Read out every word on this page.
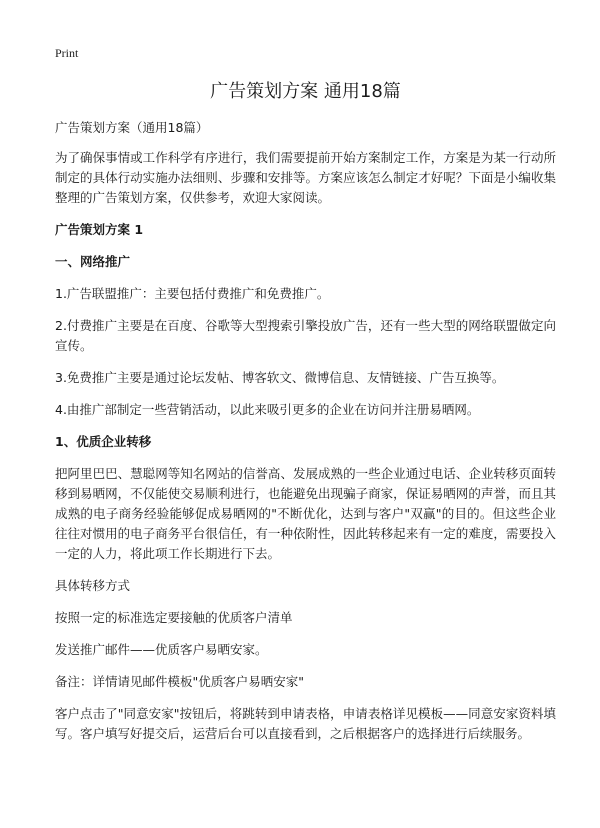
Print
广告策划方案 通用18篇

广告策划方案（通用18篇）

为了确保事情或工作科学有序进行，我们需要提前开始方案制定工作，方案是为某一行动所制定的具体行动实施办法细则、步骤和安排等。方案应该怎么制定才好呢？下面是小编收集整理的广告策划方案，仅供参考，欢迎大家阅读。

广告策划方案 1
一、网络推广

1.广告联盟推广：主要包括付费推广和免费推广。

2.付费推广主要是在百度、谷歌等大型搜索引擎投放广告，还有一些大型的网络联盟做定向宣传。

3.免费推广主要是通过论坛发帖、博客软文、微博信息、友情链接、广告互换等。

4.由推广部制定一些营销活动，以此来吸引更多的企业在访问并注册易晒网。

1、优质企业转移

把阿里巴巴、慧聪网等知名网站的信誉高、发展成熟的一些企业通过电话、企业转移页面转移到易晒网，不仅能使交易顺利进行，也能避免出现骗子商家，保证易晒网的声誉，而且其成熟的电子商务经验能够促成易晒网的"不断优化，达到与客户"双赢"的目的。但这些企业往往对惯用的电子商务平台很信任，有一种依附性，因此转移起来有一定的难度，需要投入一定的人力，将此项工作长期进行下去。

具体转移方式

按照一定的标准选定要接触的优质客户清单

发送推广邮件——优质客户易晒安家。

备注：详情请见邮件模板"优质客户易晒安家"

客户点击了"同意安家"按钮后，将跳转到申请表格，申请表格详见模板——同意安家资料填写。客户填写好提交后，运营后台可以直接看到，之后根据客户的选择进行后续服务。
